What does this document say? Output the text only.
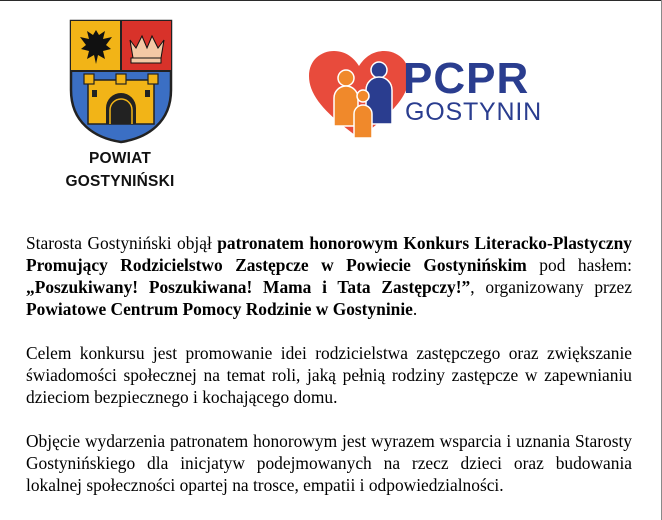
POWIAT
GOSTYNIŃSKI
PCPR
GOSTYNIN

Starosta Gostyniński objął patronatem honorowym Konkurs Literacko-Plastyczny Promujący Rodzicielstwo Zastępcze w Powiecie Gostynińskim pod hasłem: „Poszukiwany! Poszukiwana! Mama i Tata Zastępczy!”, organizowany przez Powiatowe Centrum Pomocy Rodzinie w Gostyninie.

Celem konkursu jest promowanie idei rodzicielstwa zastępczego oraz zwiększanie świadomości społecznej na temat roli, jaką pełnią rodziny zastępcze w zapewnianiu dzieciom bezpiecznego i kochającego domu.

Objęcie wydarzenia patronatem honorowym jest wyrazem wsparcia i uznania Starosty Gostynińskiego dla inicjatyw podejmowanych na rzecz dzieci oraz budowania lokalnej społeczności opartej na trosce, empatii i odpowiedzialności.
